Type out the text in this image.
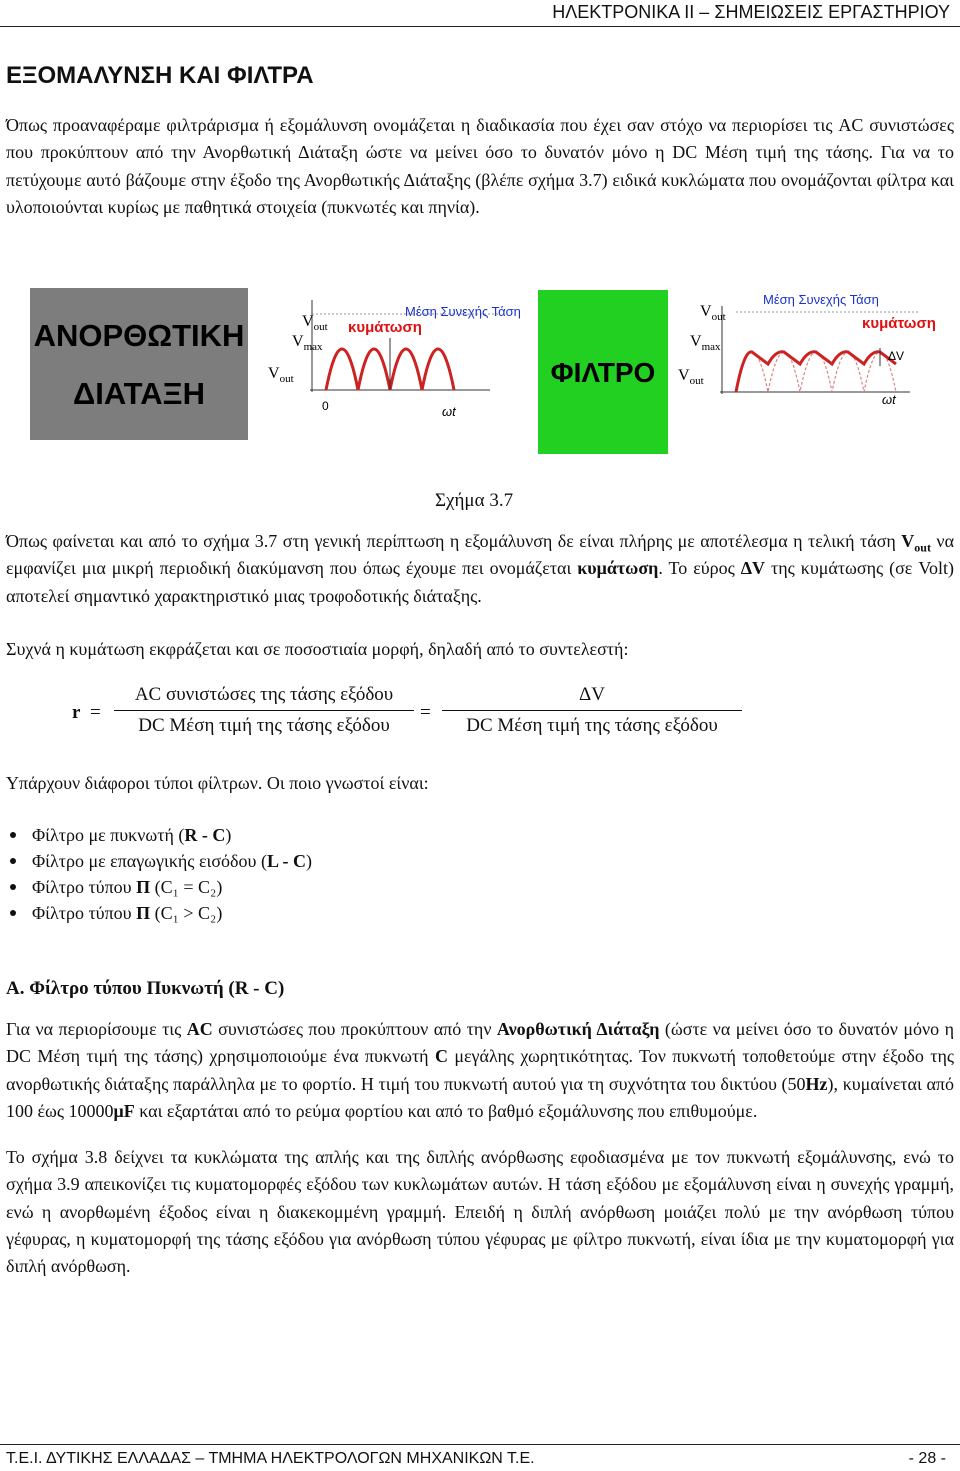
ΗΛΕΚΤΡΟΝΙΚΑ ΙΙ – ΣΗΜΕΙΩΣΕΙΣ ΕΡΓΑΣΤΗΡΙΟΥ
ΕΞΟΜΑΛΥΝΣΗ ΚΑΙ ΦΙΛΤΡΑ
Όπως προαναφέραμε φιλτράρισμα ή εξομάλυνση ονομάζεται η διαδικασία που έχει σαν στόχο να περιορίσει τις AC συνιστώσες που προκύπτουν από την Ανορθωτική Διάταξη ώστε να μείνει όσο το δυνατόν μόνο η DC Μέση τιμή της τάσης. Για να το πετύχουμε αυτό βάζουμε στην έξοδο της Ανορθωτικής Διάταξης (βλέπε σχήμα 3.7) ειδικά κυκλώματα που ονομάζονται φίλτρα και υλοποιούνται κυρίως με παθητικά στοιχεία (πυκνωτές και πηνία).
ΑΝΟΡΘΩΤΙΚΗ
ΔΙΑΤΑΞΗ
Μέση Συνεχής Τάση
κυμάτωση
$V_{out}$
$V_{max}$
$V_{out}$
0	ωt
ΦΙΛΤΡΟ
Μέση Συνεχής Τάση
κυμάτωση
ΔV
$V_{out}$
$V_{max}$
$V_{out}$
ωt
Σχήμα 3.7
Όπως φαίνεται και από το σχήμα 3.7 στη γενική περίπτωση η εξομάλυνση δε είναι πλήρης με αποτέλεσμα η τελική τάση $V_{out}$ να εμφανίζει μια μικρή περιοδική διακύμανση που όπως έχουμε πει ονομάζεται κυμάτωση. Το εύρος ΔV της κυμάτωσης (σε Volt) αποτελεί σημαντικό χαρακτηριστικό μιας τροφοδοτικής διάταξης.
Συχνά η κυμάτωση εκφράζεται και σε ποσοστιαία μορφή, δηλαδή από το συντελεστή:
r =
AC συνιστώσες της τάσης εξόδου
DC Μέση τιμή της τάσης εξόδου
=
ΔV
DC Μέση τιμή της τάσης εξόδου
Υπάρχουν διάφοροι τύποι φίλτρων. Οι ποιο γνωστοί είναι:
Φίλτρο με πυκνωτή (R - C)
Φίλτρο με επαγωγικής εισόδου (L - C)
Φίλτρο τύπου Π (C₁ = C₂)
Φίλτρο τύπου Π (C₁ > C₂)
Α. Φίλτρο τύπου Πυκνωτή (R - C)
Για να περιορίσουμε τις AC συνιστώσες που προκύπτουν από την Ανορθωτική Διάταξη (ώστε να μείνει όσο το δυνατόν μόνο η DC Μέση τιμή της τάσης) χρησιμοποιούμε ένα πυκνωτή C μεγάλης χωρητικότητας. Τον πυκνωτή τοποθετούμε στην έξοδο της ανορθωτικής διάταξης παράλληλα με το φορτίο. Η τιμή του πυκνωτή αυτού για τη συχνότητα του δικτύου (50Hz), κυμαίνεται από 100 έως 10000μF και εξαρτάται από το ρεύμα φορτίου και από το βαθμό εξομάλυνσης που επιθυμούμε.
Το σχήμα 3.8 δείχνει τα κυκλώματα της απλής και της διπλής ανόρθωσης εφοδιασμένα με τον πυκνωτή εξομάλυνσης, ενώ το σχήμα 3.9 απεικονίζει τις κυματομορφές εξόδου των κυκλωμάτων αυτών. Η τάση εξόδου με εξομάλυνση είναι η συνεχής γραμμή, ενώ η ανορθωμένη έξοδος είναι η διακεκομμένη γραμμή. Επειδή η διπλή ανόρθωση μοιάζει πολύ με την ανόρθωση τύπου γέφυρας, η κυματομορφή της τάσης εξόδου για ανόρθωση τύπου γέφυρας με φίλτρο πυκνωτή, είναι ίδια με την κυματομορφή για διπλή ανόρθωση.
Τ.Ε.Ι. ΔΥΤΙΚΗΣ ΕΛΛΑΔΑΣ – ΤΜΗΜΑ ΗΛΕΚΤΡΟΛΟΓΩΝ ΜΗΧΑΝΙΚΩΝ Τ.Ε.	- 28 -
